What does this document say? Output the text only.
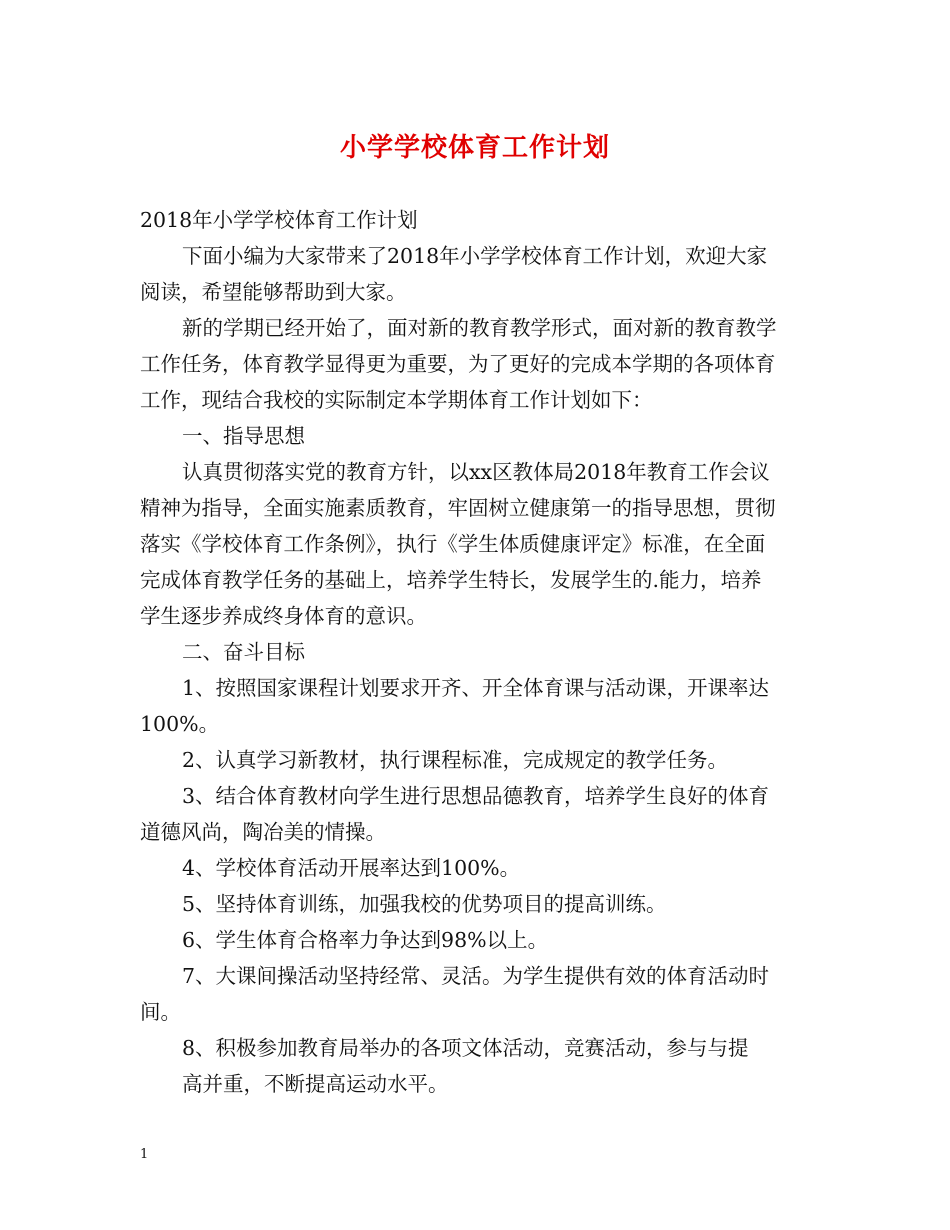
小学学校体育工作计划
2018年小学学校体育工作计划
下面小编为大家带来了2018年小学学校体育工作计划，欢迎大家
阅读，希望能够帮助到大家。
新的学期已经开始了，面对新的教育教学形式，面对新的教育教学
工作任务，体育教学显得更为重要，为了更好的完成本学期的各项体育
工作，现结合我校的实际制定本学期体育工作计划如下：
一、指导思想
认真贯彻落实党的教育方针，以xx区教体局2018年教育工作会议
精神为指导，全面实施素质教育，牢固树立健康第一的指导思想，贯彻
落实《学校体育工作条例》，执行《学生体质健康评定》标准，在全面
完成体育教学任务的基础上，培养学生特长，发展学生的.能力，培养
学生逐步养成终身体育的意识。
二、奋斗目标
1、按照国家课程计划要求开齐、开全体育课与活动课，开课率达
100%。
2、认真学习新教材，执行课程标准，完成规定的教学任务。
3、结合体育教材向学生进行思想品德教育，培养学生良好的体育
道德风尚，陶冶美的情操。
4、学校体育活动开展率达到100%。
5、坚持体育训练，加强我校的优势项目的提高训练。
6、学生体育合格率力争达到98%以上。
7、大课间操活动坚持经常、灵活。为学生提供有效的体育活动时
间。
8、积极参加教育局举办的各项文体活动，竞赛活动，参与与提
高并重，不断提高运动水平。
1
